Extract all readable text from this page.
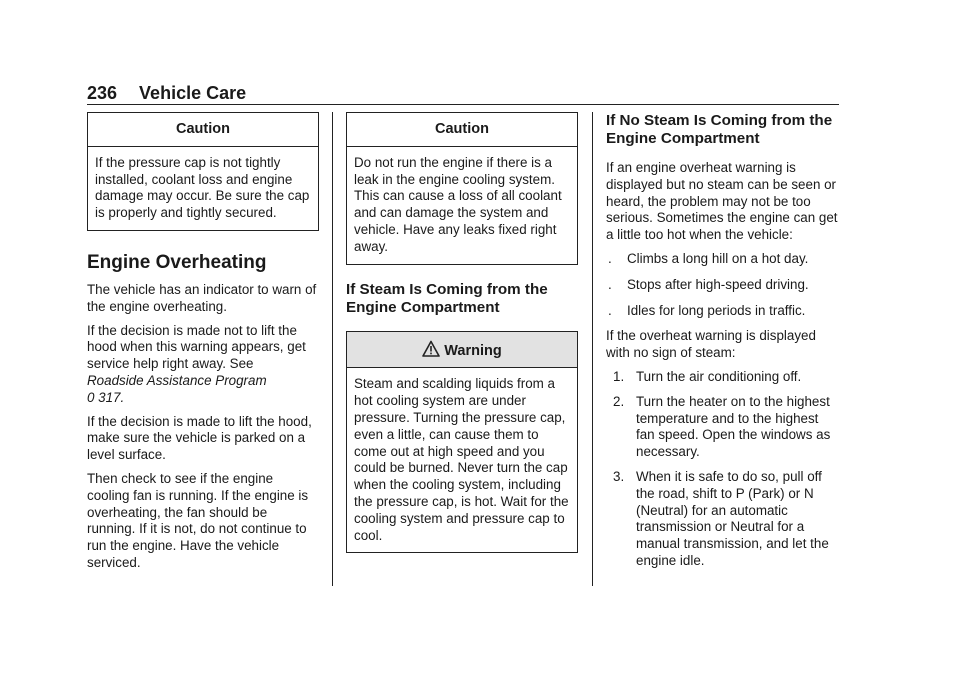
236 Vehicle Care
Caution
If the pressure cap is not tightly installed, coolant loss and engine damage may occur. Be sure the cap is properly and tightly secured.
Engine Overheating

The vehicle has an indicator to warn of the engine overheating.

If the decision is made not to lift the hood when this warning appears, get service help right away. See
Roadside Assistance Program
0 317.

If the decision is made to lift the hood, make sure the vehicle is parked on a level surface.

Then check to see if the engine cooling fan is running. If the engine is overheating, the fan should be running. If it is not, do not continue to run the engine. Have the vehicle serviced.

Caution
Do not run the engine if there is a leak in the engine cooling system. This can cause a loss of all coolant and can damage the system and vehicle. Have any leaks fixed right away.
If Steam Is Coming from the Engine Compartment
Warning
Steam and scalding liquids from a hot cooling system are under pressure. Turning the pressure cap, even a little, can cause them to come out at high speed and you could be burned. Never turn the cap when the cooling system, including the pressure cap, is hot. Wait for the cooling system and pressure cap to cool.
If No Steam Is Coming from the Engine Compartment

If an engine overheat warning is displayed but no steam can be seen or heard, the problem may not be too serious. Sometimes the engine can get a little too hot when the vehicle:

. Climbs a long hill on a hot day.
. Stops after high-speed driving.
. Idles for long periods in traffic.

If the overheat warning is displayed with no sign of steam:

1. Turn the air conditioning off.
2. Turn the heater on to the highest temperature and to the highest fan speed. Open the windows as necessary.
3. When it is safe to do so, pull off the road, shift to P (Park) or N (Neutral) for an automatic transmission or Neutral for a manual transmission, and let the engine idle.
